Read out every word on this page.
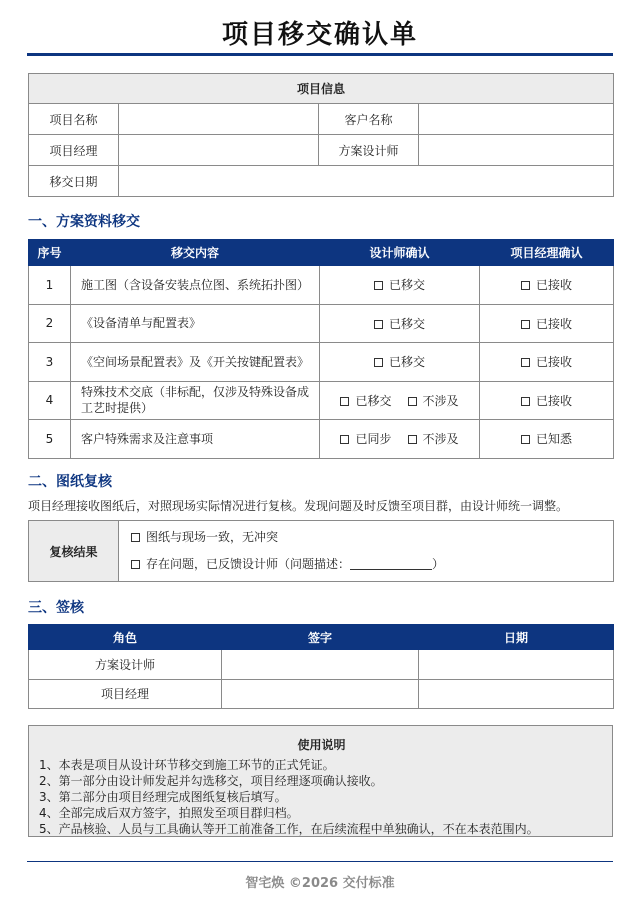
项目移交确认单
项目信息			
项目名称		客户名称	
项目经理		方案设计师	
移交日期			
一、方案资料移交
序号	移交内容	设计师确认	项目经理确认
1	施工图（含设备安装点位图、系统拓扑图）	已移交	已接收
2	《设备清单与配置表》	已移交	已接收
3	《空间场景配置表》及《开关按键配置表》	已移交	已接收
4	特殊技术交底（非标配，仅涉及特殊设备成工艺时提供）	已移交 不涉及	已接收
5	客户特殊需求及注意事项	已同步 不涉及	已知悉
二、图纸复核
项目经理接收图纸后，对照现场实际情况进行复核。发现问题及时反馈至项目群，由设计师统一调整。
复核结果	
图纸与现场一致，无冲突
存在问题，已反馈设计师（问题描述：	）
三、签核
角色	签字	日期
方案设计师		
项目经理		
使用说明
1、本表是项目从设计环节移交到施工环节的正式凭证。
2、第一部分由设计师发起并勾选移交，项目经理逐项确认接收。
3、第二部分由项目经理完成图纸复核后填写。
4、全部完成后双方签字，拍照发至项目群归档。
5、产品核验、人员与工具确认等开工前准备工作，在后续流程中单独确认，不在本表范围内。
智宅焕 ©2026 交付标准
